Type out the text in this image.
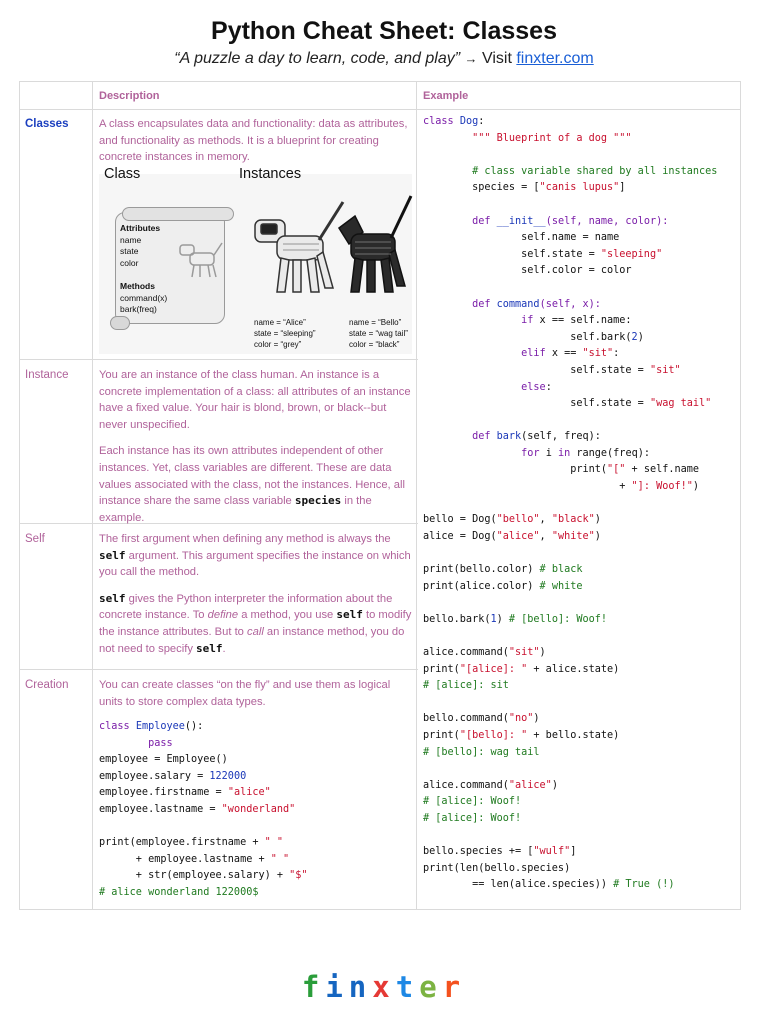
Python Cheat Sheet: Classes
“A puzzle a day to learn, code, and play” → Visit finxter.com
Description	Example
Classes
Instance
Self
Creation

A class encapsulates data and functionality: data as attributes, and functionality as methods. It is a blueprint for creating concrete instances in memory.

Class	Instances
Attributes
name
state
color
Methods
command(x)
bark(freq)
name = “Alice”
state = “sleeping”
color = “grey”
name = “Bello”
state = “wag tail”
color = “black”

You are an instance of the class human. An instance is a concrete implementation of a class: all attributes of an instance have a fixed value. Your hair is blond, brown, or black--but never unspecified.

Each instance has its own attributes independent of other instances. Yet, class variables are different. These are data values associated with the class, not the instances. Hence, all instance share the same class variable species in the example.

The first argument when defining any method is always the self argument. This argument specifies the instance on which you call the method.

self gives the Python interpreter the information about the concrete instance. To define a method, you use self to modify the instance attributes. But to call an instance method, you do not need to specify self.

You can create classes “on the fly” and use them as logical units to store complex data types.

class Employee():
pass
employee = Employee()
employee.salary = 122000
employee.firstname = "alice"
employee.lastname = "wonderland"
print(employee.firstname + " "
+ employee.lastname + " "
+ str(employee.salary) + "$"
# alice wonderland 122000$
class Dog:
""" Blueprint of a dog """
# class variable shared by all instances
species = ["canis lupus"]
def __init__(self, name, color):
self.name = name
self.state = "sleeping"
self.color = color
def command(self, x):
if x == self.name:
self.bark(2)
elif x == "sit":
self.state = "sit"
else:
self.state = "wag tail"
def bark(self, freq):
for i in range(freq):
print("[" + self.name
+ "]: Woof!")
bello = Dog("bello", "black")
alice = Dog("alice", "white")
print(bello.color) # black
print(alice.color) # white
bello.bark(1) # [bello]: Woof!
alice.command("sit")
print("[alice]: " + alice.state)
# [alice]: sit
bello.command("no")
print("[bello]: " + bello.state)
# [bello]: wag tail
alice.command("alice")
# [alice]: Woof!
# [alice]: Woof!
bello.species += ["wulf"]
print(len(bello.species)
== len(alice.species)) # True (!)
finxter
